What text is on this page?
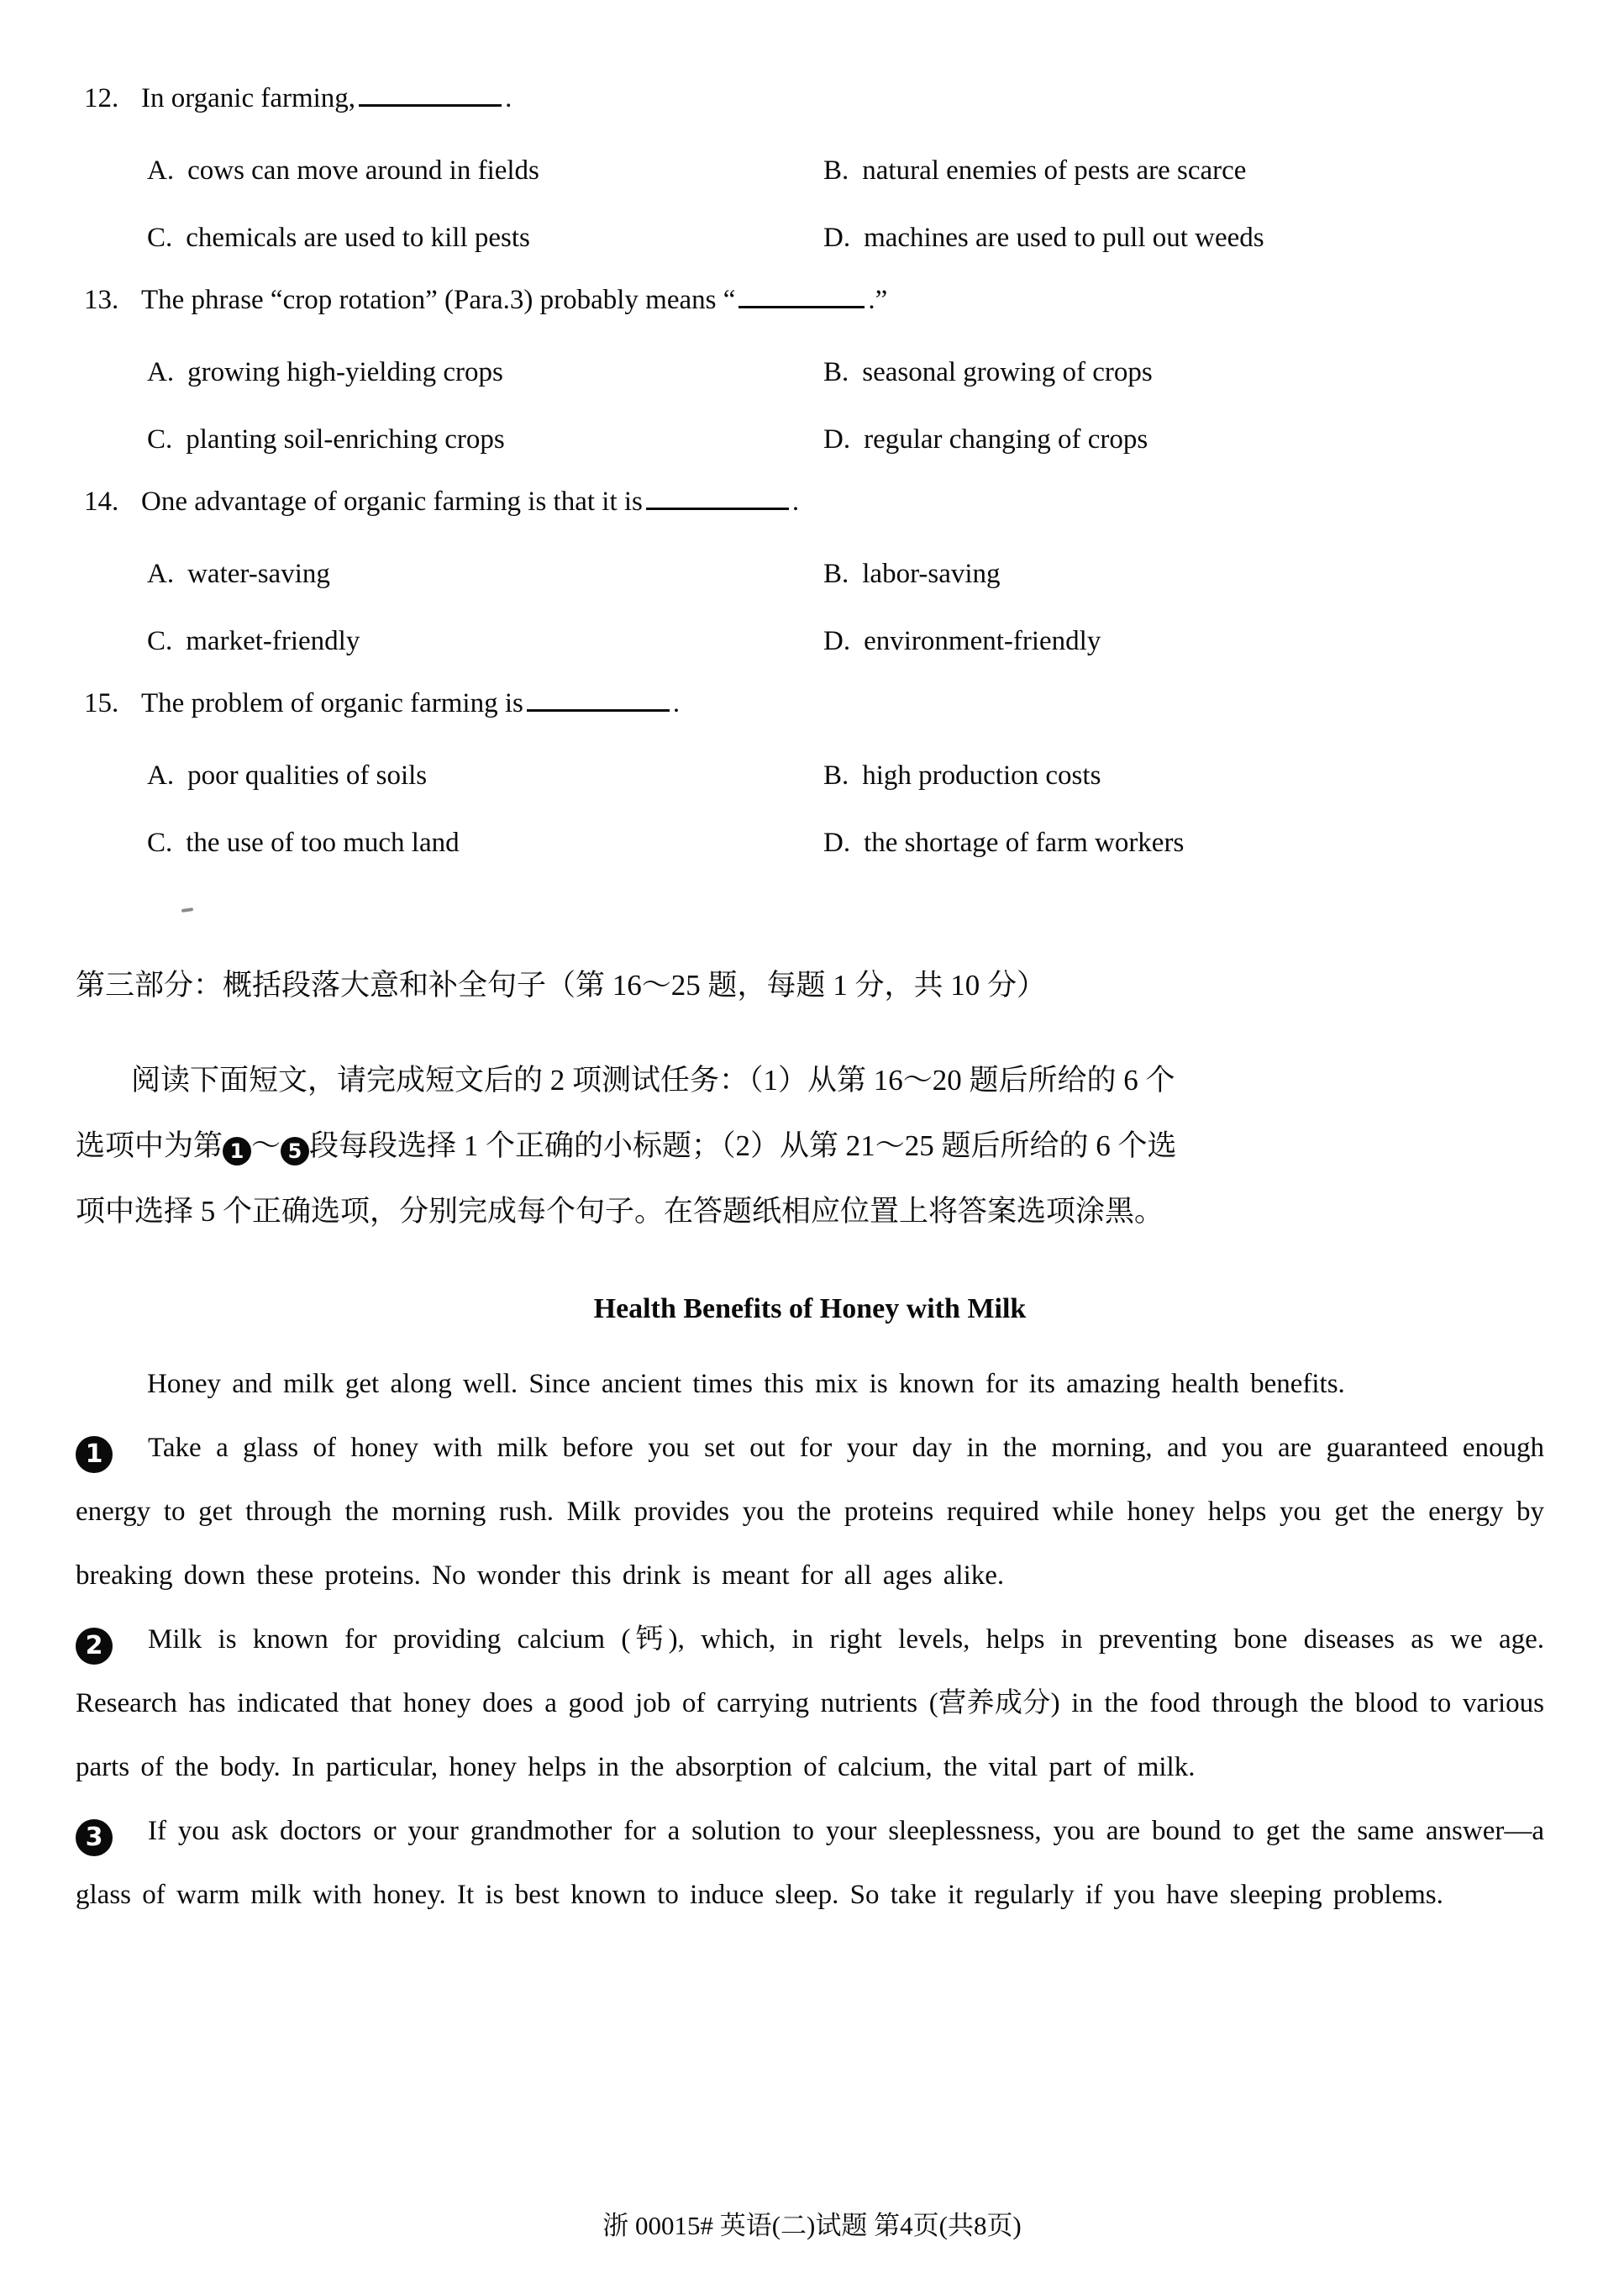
12. In organic farming,	.
A. cows can move around in fields	B. natural enemies of pests are scarce
C. chemicals are used to kill pests	D. machines are used to pull out weeds
13. The phrase “crop rotation” (Para.3) probably means “	.”
A. growing high-yielding crops	B. seasonal growing of crops
C. planting soil-enriching crops	D. regular changing of crops
14. One advantage of organic farming is that it is	.
A. water-saving	B. labor-saving
C. market-friendly	D. environment-friendly
15. The problem of organic farming is	.
A. poor qualities of soils	B. high production costs
C. the use of too much land	D. the shortage of farm workers
第三部分：概括段落大意和补全句子（第 16～25 题，每题 1 分，共 10 分）
阅读下面短文，请完成短文后的 2 项测试任务：（1）从第 16～20 题后所给的 6 个
选项中为第 1 ～ 5 段每段选择 1 个正确的小标题；（2）从第 21～25 题后所给的 6 个选
项中选择 5 个正确选项，分别完成每个句子。在答题纸相应位置上将答案选项涂黑。
Health Benefits of Honey with Milk

Honey and milk get along well. Since ancient times this mix is known for its amazing health benefits.

1 Take a glass of honey with milk before you set out for your day in the morning, and you are guaranteed enough energy to get through the morning rush. Milk provides you the proteins required while honey helps you get the energy by breaking down these proteins. No wonder this drink is meant for all ages alike.

2 Milk is known for providing calcium (钙), which, in right levels, helps in preventing bone diseases as we age. Research has indicated that honey does a good job of carrying nutrients (营养成分) in the food through the blood to various parts of the body. In particular, honey helps in the absorption of calcium, the vital part of milk.

3 If you ask doctors or your grandmother for a solution to your sleeplessness, you are bound to get the same answer—a glass of warm milk with honey. It is best known to induce sleep. So take it regularly if you have sleeping problems.

浙 00015# 英语(二)试题 第4页(共8页)
